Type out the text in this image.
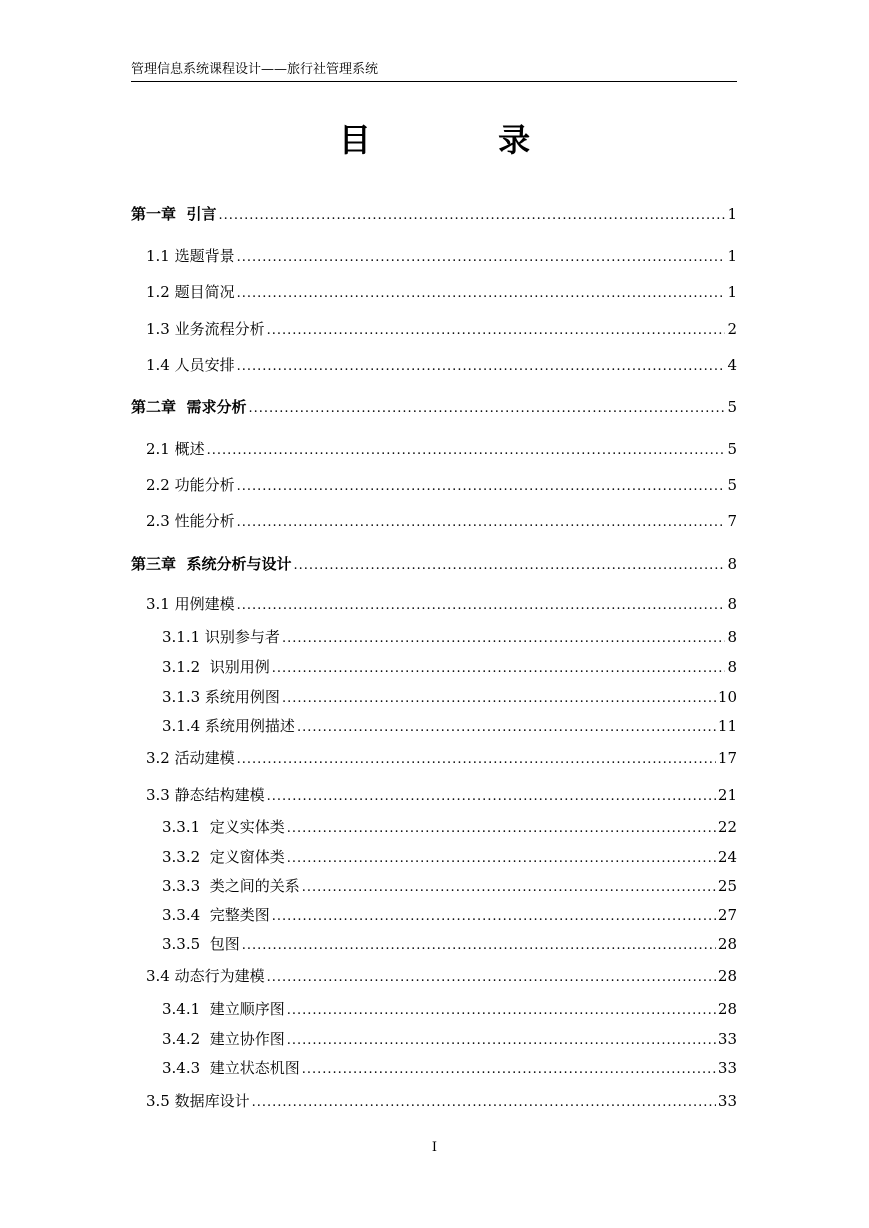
管理信息系统课程设计——旅行社管理系统
目 录
第一章  引言 .....	1
1.1 选题背景 .....	1
1.2 题目简况 .....	1
1.3 业务流程分析 .....	2
1.4 人员安排 .....	4
第二章  需求分析 .....	5
2.1 概述 .....	5
2.2 功能分析 .....	5
2.3 性能分析 .....	7
第三章  系统分析与设计 .....	8
3.1 用例建模 .....	8
3.1.1 识别参与者 .....	8
3.1.2  识别用例 .....	8
3.1.3 系统用例图 .....	10
3.1.4 系统用例描述 .....	11
3.2 活动建模 .....	17
3.3 静态结构建模 .....	21
3.3.1  定义实体类 .....	22
3.3.2  定义窗体类 .....	24
3.3.3  类之间的关系 .....	25
3.3.4  完整类图 .....	27
3.3.5  包图 .....	28
3.4 动态行为建模 .....	28
3.4.1  建立顺序图 .....	28
3.4.2  建立协作图 .....	33
3.4.3  建立状态机图 .....	33
3.5 数据库设计 .....	33
I
